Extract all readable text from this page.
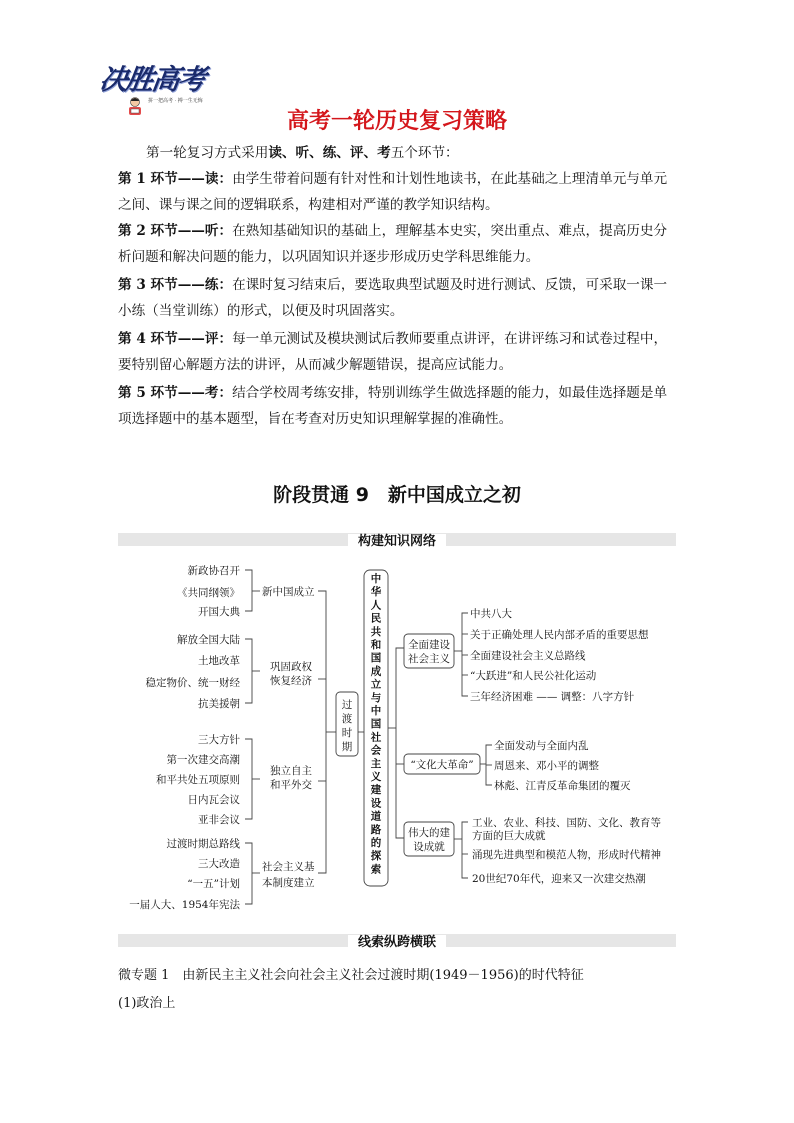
决胜高考
拼一把高考 · 搏一生无悔
高考一轮历史复习策略
第一轮复习方式采用读、听、练、评、考五个环节：
第 1 环节——读：由学生带着问题有针对性和计划性地读书，在此基础之上理清单元与单元之间、课与课之间的逻辑联系，构建相对严谨的教学知识结构。
第 2 环节——听：在熟知基础知识的基础上，理解基本史实，突出重点、难点，提高历史分析问题和解决问题的能力，以巩固知识并逐步形成历史学科思维能力。
第 3 环节——练：在课时复习结束后，要选取典型试题及时进行测试、反馈，可采取一课一小练（当堂训练）的形式，以便及时巩固落实。
第 4 环节——评：每一单元测试及模块测试后教师要重点讲评，在讲评练习和试卷过程中，要特别留心解题方法的讲评，从而减少解题错误，提高应试能力。
第 5 环节——考：结合学校周考练安排，特别训练学生做选择题的能力，如最佳选择题是单项选择题中的基本题型，旨在考查对历史知识理解掌握的准确性。
阶段贯通 9　新中国成立之初
构建知识网络
新政协召开
《共同纲领》
开国大典
新中国成立
解放全国大陆
土地改革
稳定物价、统一财经
抗美援朝
巩固政权
恢复经济
三大方针
第一次建交高潮
和平共处五项原则
日内瓦会议
亚非会议
独立自主
和平外交
过渡时期总路线
三大改造
“一五”计划
一届人大、1954年宪法
社会主义基
本制度建立
过
渡
时
期
中
华
人
民
共
和
国
成
立
与
中
国
社
会
主
义
建
设
道
路
的
探
索
全面建设
社会主义
中共八大
关于正确处理人民内部矛盾的重要思想
全面建设社会主义总路线
“大跃进”和人民公社化运动
三年经济困难 —— 调整：八字方针
“文化大革命”
全面发动与全面内乱
周恩来、邓小平的调整
林彪、江青反革命集团的覆灭
伟大的建
设成就
工业、农业、科技、国防、文化、教育等
方面的巨大成就
涌现先进典型和模范人物，形成时代精神
20世纪70年代，迎来又一次建交热潮
线索纵跨横联
微专题 1　由新民主主义社会向社会主义社会过渡时期(1949－1956)的时代特征
(1)政治上
